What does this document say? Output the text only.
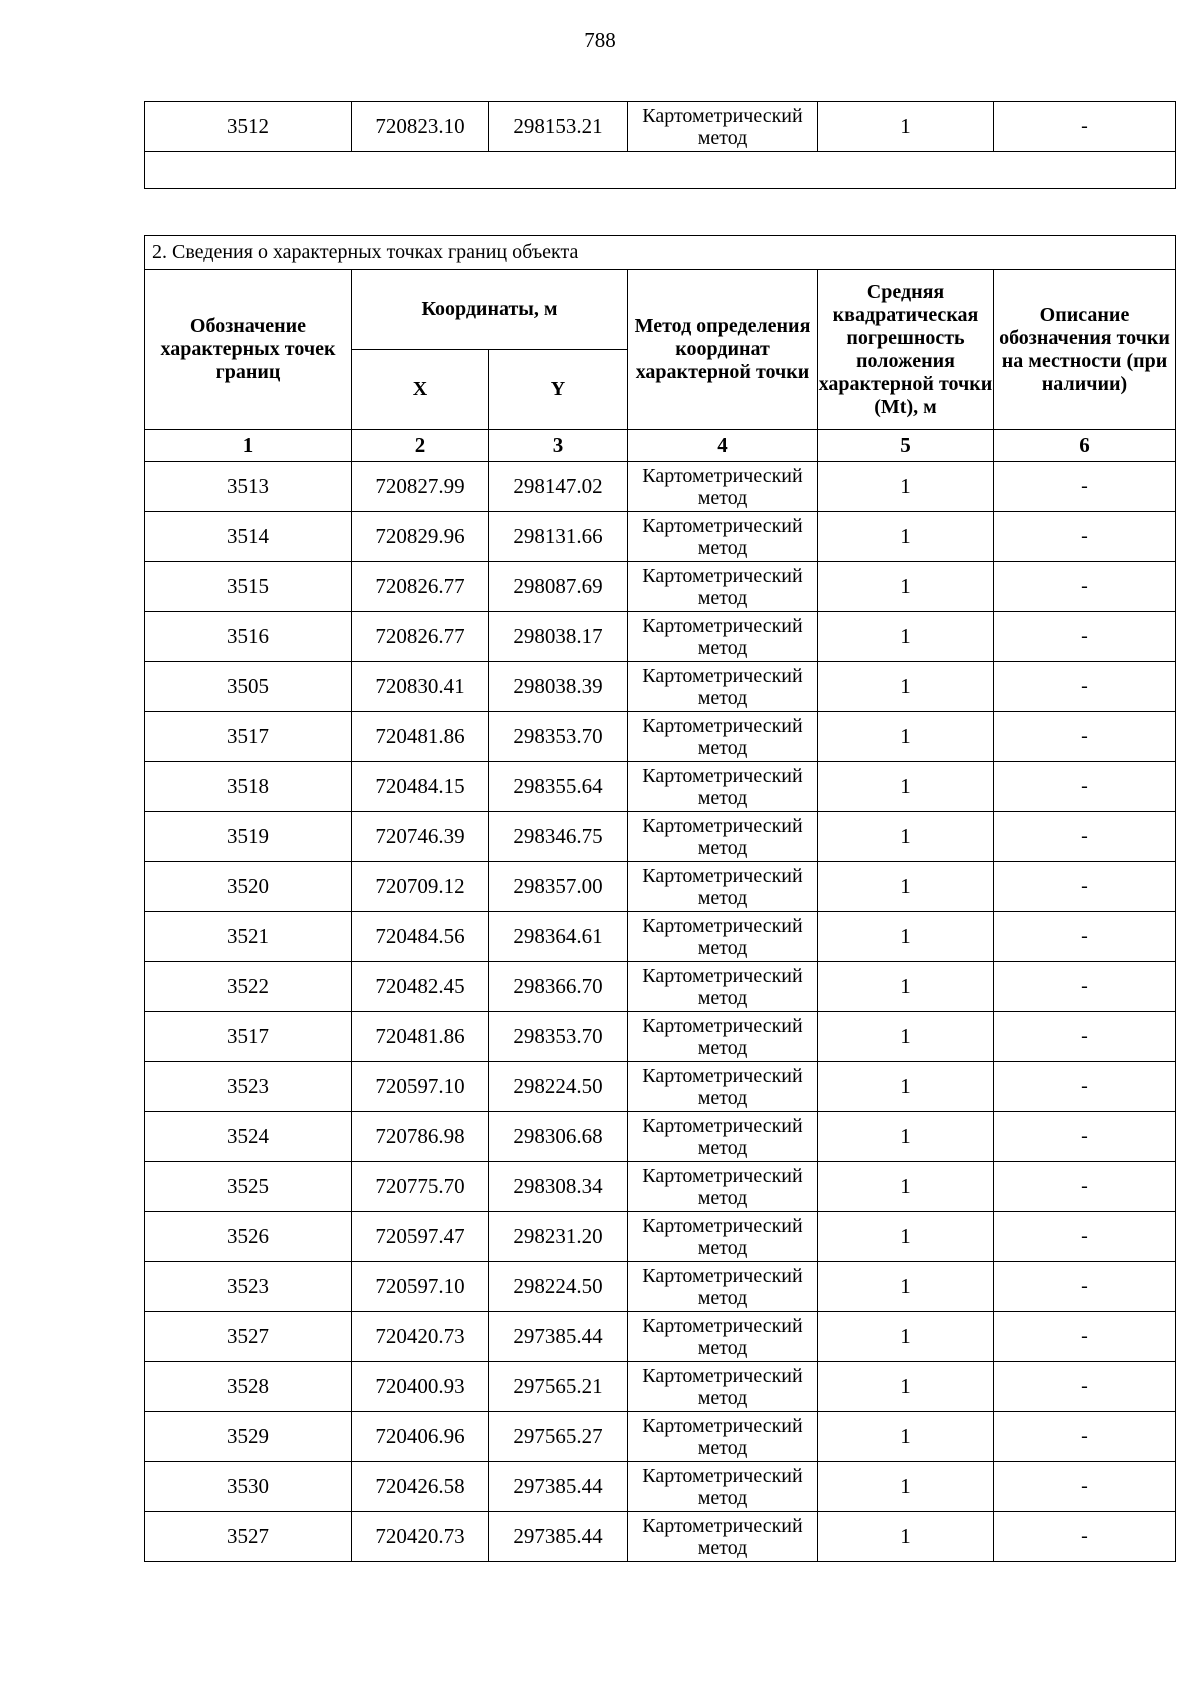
788
3512	720823.10	298153.21	Картометрический метод	1	-

2. Сведения о характерных точках границ объекта					
Обозначение характерных точек границ	Координаты, м		Метод определения координат характерной точки	Средняя квадратическая погрешность положения характерной точки (Mt), м	Описание обозначения точки на местности (при наличии)
	X	Y			
1	2	3	4	5	6
3513	720827.99	298147.02	Картометрический метод	1	-
3514	720829.96	298131.66	Картометрический метод	1	-
3515	720826.77	298087.69	Картометрический метод	1	-
3516	720826.77	298038.17	Картометрический метод	1	-
3505	720830.41	298038.39	Картометрический метод	1	-
3517	720481.86	298353.70	Картометрический метод	1	-
3518	720484.15	298355.64	Картометрический метод	1	-
3519	720746.39	298346.75	Картометрический метод	1	-
3520	720709.12	298357.00	Картометрический метод	1	-
3521	720484.56	298364.61	Картометрический метод	1	-
3522	720482.45	298366.70	Картометрический метод	1	-
3517	720481.86	298353.70	Картометрический метод	1	-
3523	720597.10	298224.50	Картометрический метод	1	-
3524	720786.98	298306.68	Картометрический метод	1	-
3525	720775.70	298308.34	Картометрический метод	1	-
3526	720597.47	298231.20	Картометрический метод	1	-
3523	720597.10	298224.50	Картометрический метод	1	-
3527	720420.73	297385.44	Картометрический метод	1	-
3528	720400.93	297565.21	Картометрический метод	1	-
3529	720406.96	297565.27	Картометрический метод	1	-
3530	720426.58	297385.44	Картометрический метод	1	-
3527	720420.73	297385.44	Картометрический метод	1	-
